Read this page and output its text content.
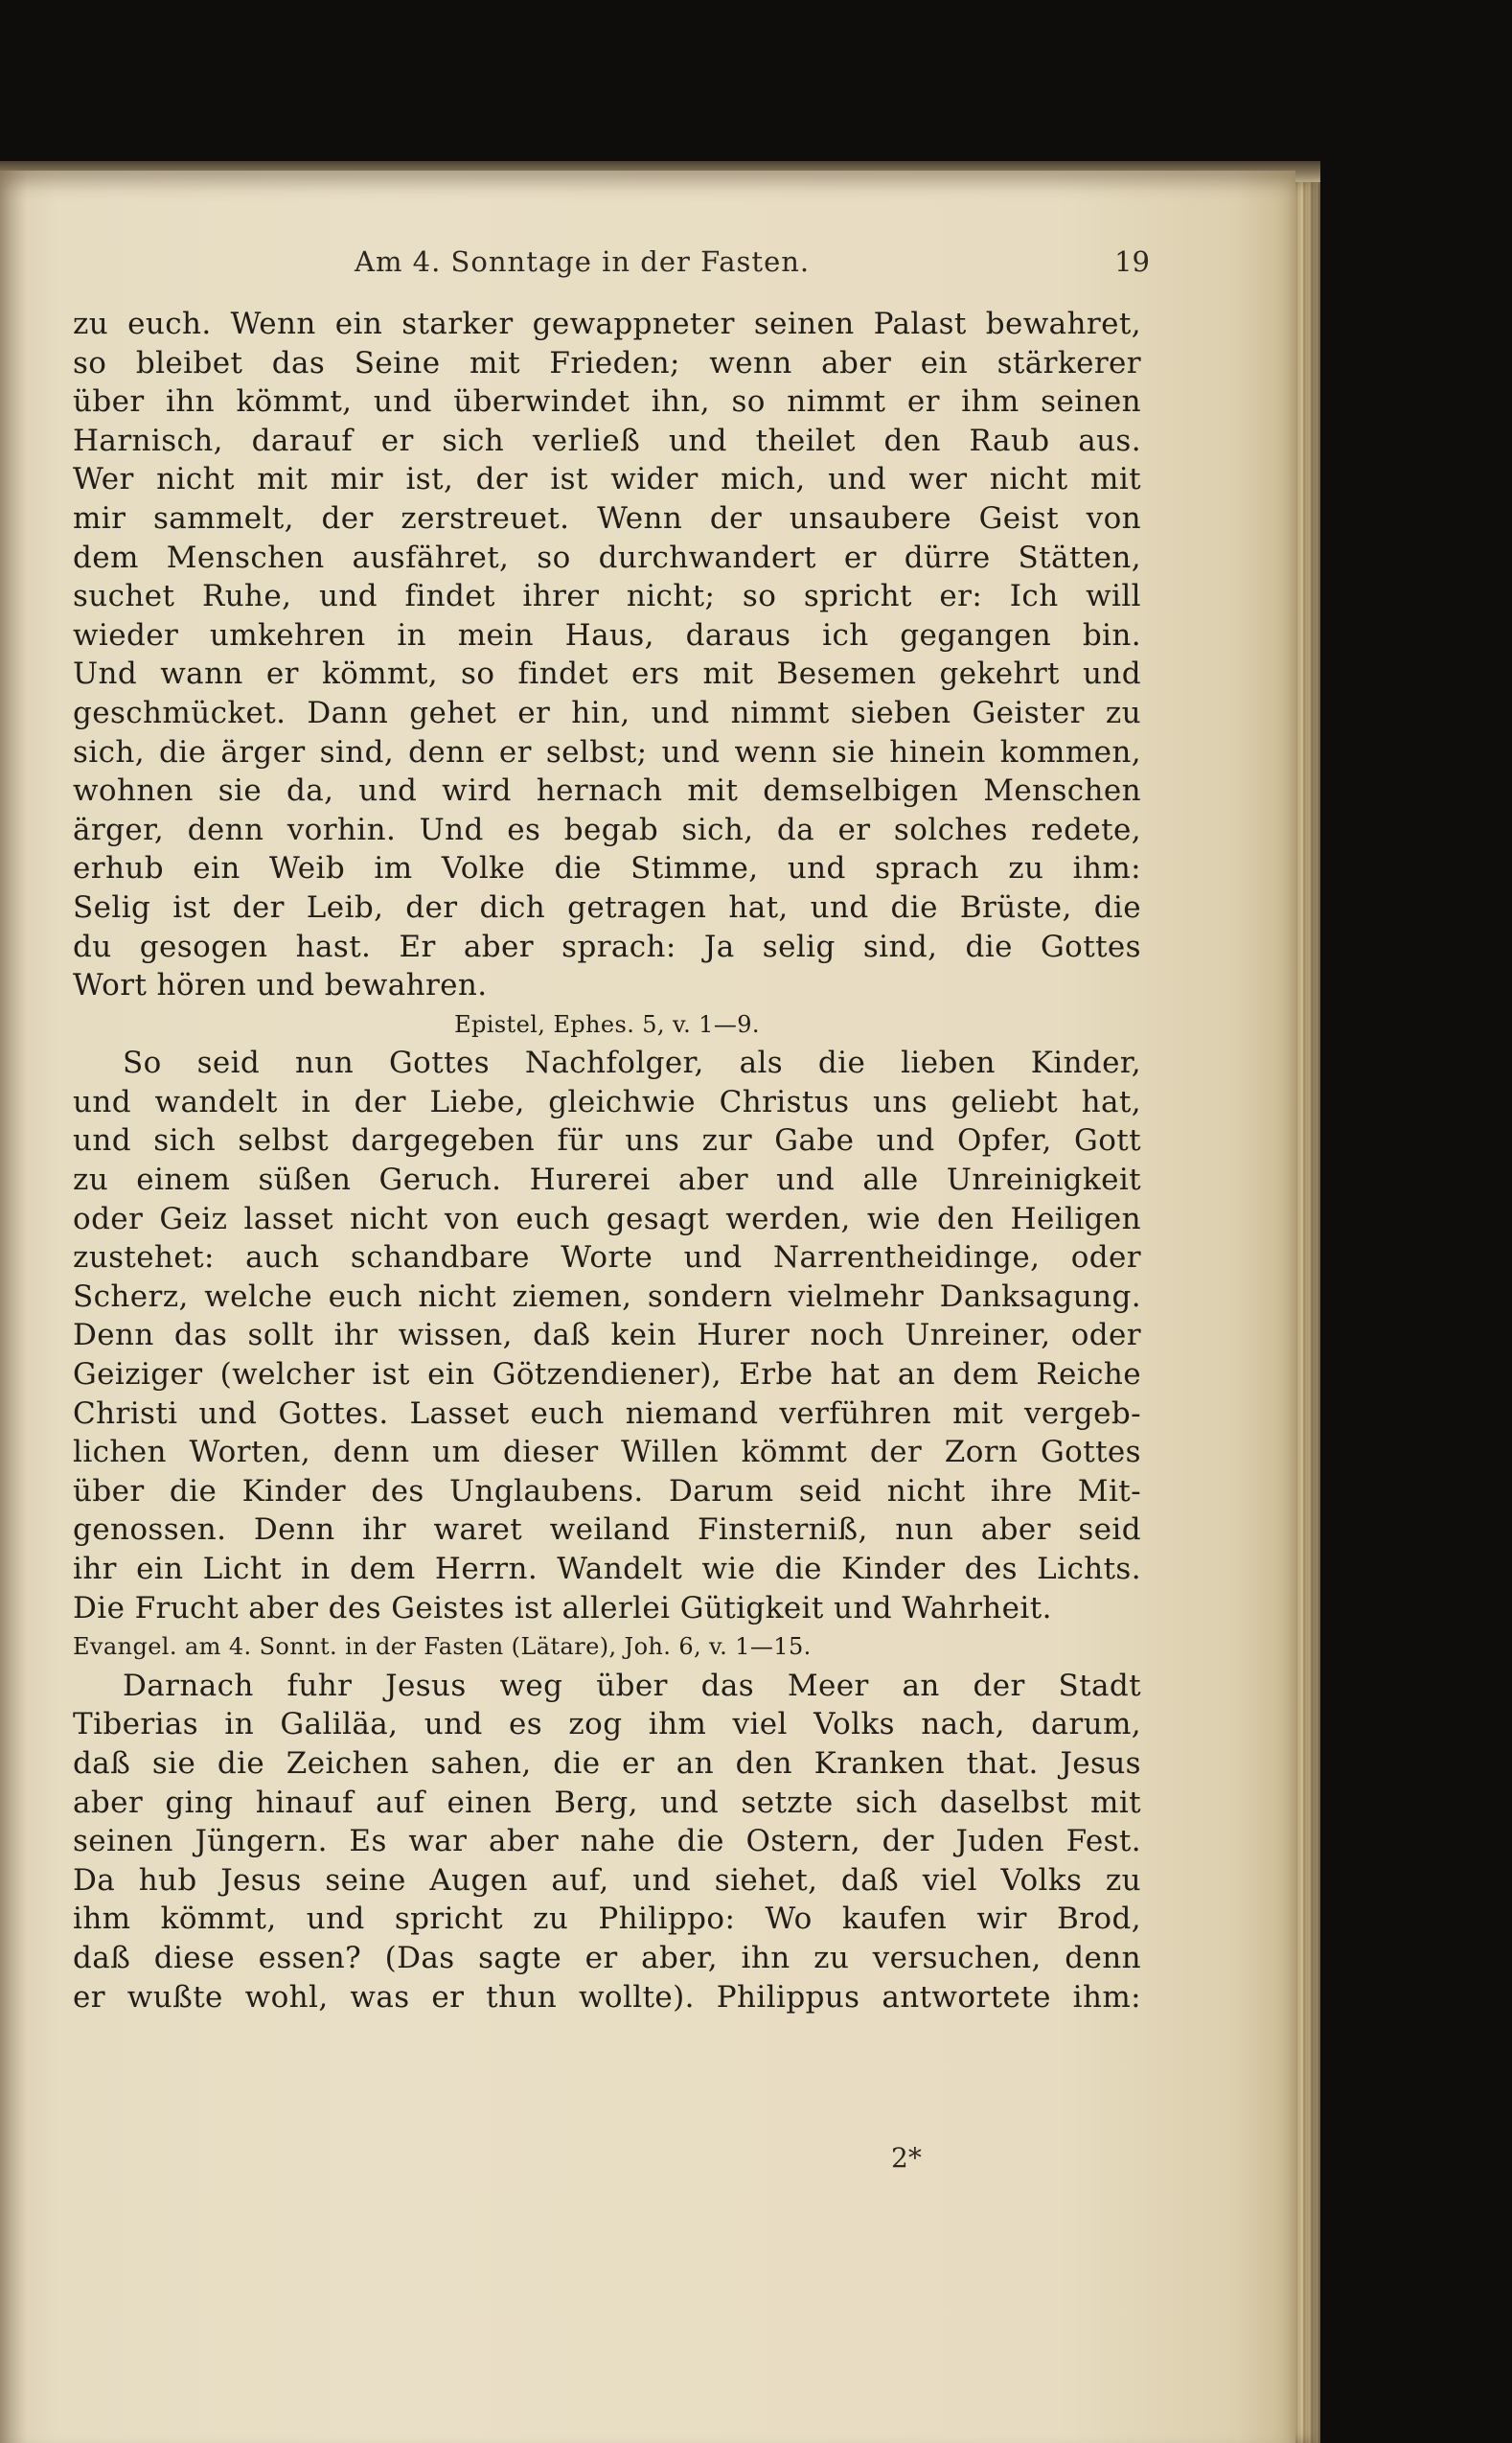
Am 4. Sonntage in der Fasten.	19
zu euch. Wenn ein starker gewappneter seinen Palast bewahret,
so bleibet das Seine mit Frieden; wenn aber ein stärkerer
über ihn kömmt, und überwindet ihn, so nimmt er ihm seinen
Harnisch, darauf er sich verließ und theilet den Raub aus.
Wer nicht mit mir ist, der ist wider mich, und wer nicht mit
mir sammelt, der zerstreuet. Wenn der unsaubere Geist von
dem Menschen ausfähret, so durchwandert er dürre Stätten,
suchet Ruhe, und findet ihrer nicht; so spricht er: Ich will
wieder umkehren in mein Haus, daraus ich gegangen bin.
Und wann er kömmt, so findet ers mit Besemen gekehrt und
geschmücket. Dann gehet er hin, und nimmt sieben Geister zu
sich, die ärger sind, denn er selbst; und wenn sie hinein kommen,
wohnen sie da, und wird hernach mit demselbigen Menschen
ärger, denn vorhin. Und es begab sich, da er solches redete,
erhub ein Weib im Volke die Stimme, und sprach zu ihm:
Selig ist der Leib, der dich getragen hat, und die Brüste, die
du gesogen hast. Er aber sprach: Ja selig sind, die Gottes
Wort hören und bewahren.
Epistel, Ephes. 5, v. 1—9.
So seid nun Gottes Nachfolger, als die lieben Kinder,
und wandelt in der Liebe, gleichwie Christus uns geliebt hat,
und sich selbst dargegeben für uns zur Gabe und Opfer, Gott
zu einem süßen Geruch. Hurerei aber und alle Unreinigkeit
oder Geiz lasset nicht von euch gesagt werden, wie den Heiligen
zustehet: auch schandbare Worte und Narrentheidinge, oder
Scherz, welche euch nicht ziemen, sondern vielmehr Danksagung.
Denn das sollt ihr wissen, daß kein Hurer noch Unreiner, oder
Geiziger (welcher ist ein Götzendiener), Erbe hat an dem Reiche
Christi und Gottes. Lasset euch niemand verführen mit vergeb-
lichen Worten, denn um dieser Willen kömmt der Zorn Gottes
über die Kinder des Unglaubens. Darum seid nicht ihre Mit-
genossen. Denn ihr waret weiland Finsterniß, nun aber seid
ihr ein Licht in dem Herrn. Wandelt wie die Kinder des Lichts.
Die Frucht aber des Geistes ist allerlei Gütigkeit und Wahrheit.
Evangel. am 4. Sonnt. in der Fasten (Lätare), Joh. 6, v. 1—15.
Darnach fuhr Jesus weg über das Meer an der Stadt
Tiberias in Galiläa, und es zog ihm viel Volks nach, darum,
daß sie die Zeichen sahen, die er an den Kranken that. Jesus
aber ging hinauf auf einen Berg, und setzte sich daselbst mit
seinen Jüngern. Es war aber nahe die Ostern, der Juden Fest.
Da hub Jesus seine Augen auf, und siehet, daß viel Volks zu
ihm kömmt, und spricht zu Philippo: Wo kaufen wir Brod,
daß diese essen? (Das sagte er aber, ihn zu versuchen, denn
er wußte wohl, was er thun wollte). Philippus antwortete ihm:
2*
